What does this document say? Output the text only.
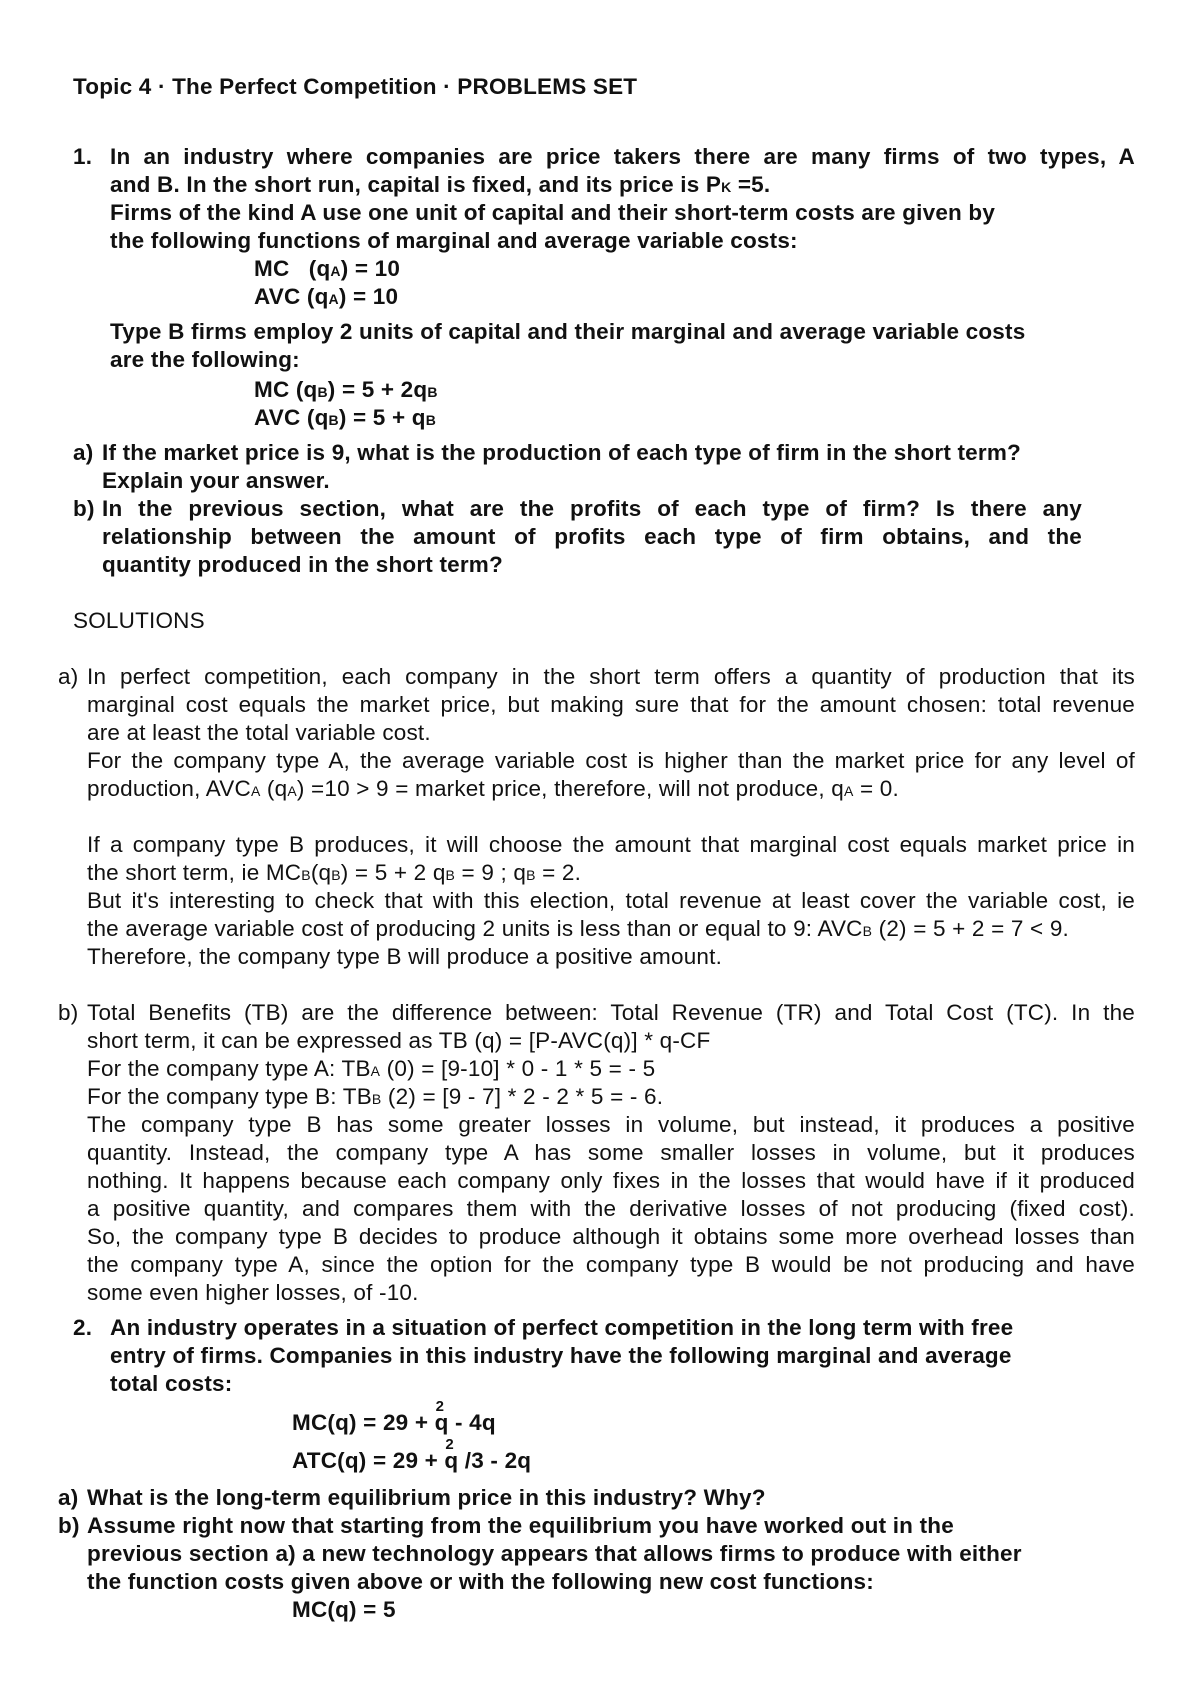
Topic 4 · The Perfect Competition · PROBLEMS SET
1. In an industry where companies are price takers there are many firms of two types, A
and B. In the short run, capital is fixed, and its price is PK =5.
Firms of the kind A use one unit of capital and their short-term costs are given by
the following functions of marginal and average variable costs:
MC   (qA) = 10
AVC (qA) = 10
Type B firms employ 2 units of capital and their marginal and average variable costs
are the following:
MC (qB) = 5 + 2qB
AVC (qB) = 5 + qB
a) If the market price is 9, what is the production of each type of firm in the short term?
Explain your answer.
b) In the previous section, what are the profits of each type of firm? Is there any
relationship between the amount of profits each type of firm obtains, and the
quantity produced in the short term?
SOLUTIONS
a) In perfect competition, each company in the short term offers a quantity of production that its
marginal cost equals the market price, but making sure that for the amount chosen: total revenue
are at least the total variable cost.
For the company type A, the average variable cost is higher than the market price for any level of
production, AVCA (qA) =10 > 9 = market price, therefore, will not produce, qA = 0.
If a company type B produces, it will choose the amount that marginal cost equals market price in
the short term, ie MCB(qB) = 5 + 2 qB = 9 ; qB = 2.
But it's interesting to check that with this election, total revenue at least cover the variable cost, ie
the average variable cost of producing 2 units is less than or equal to 9: AVCB (2) = 5 + 2 = 7 < 9.
Therefore, the company type B will produce a positive amount.
b) Total Benefits (TB) are the difference between: Total Revenue (TR) and Total Cost (TC). In the
short term, it can be expressed as TB (q) = [P-AVC(q)] * q-CF
For the company type A: TBA (0) = [9-10] * 0 - 1 * 5 = - 5
For the company type B: TBB (2) = [9 - 7] * 2 - 2 * 5 = - 6.
The company type B has some greater losses in volume, but instead, it produces a positive
quantity. Instead, the company type A has some smaller losses in volume, but it produces
nothing. It happens because each company only fixes in the losses that would have if it produced
a positive quantity, and compares them with the derivative losses of not producing (fixed cost).
So, the company type B decides to produce although it obtains some more overhead losses than
the company type A, since the option for the company type B would be not producing and have
some even higher losses, of -10.
2. An industry operates in a situation of perfect competition in the long term with free
entry of firms. Companies in this industry have the following marginal and average
total costs:
MC(q) = 29 + q
2
- 4q
ATC(q) = 29 + q
2
/3 - 2q
a) What is the long-term equilibrium price in this industry? Why?
b) Assume right now that starting from the equilibrium you have worked out in the
previous section a) a new technology appears that allows firms to produce with either
the function costs given above or with the following new cost functions:
MC(q) = 5
